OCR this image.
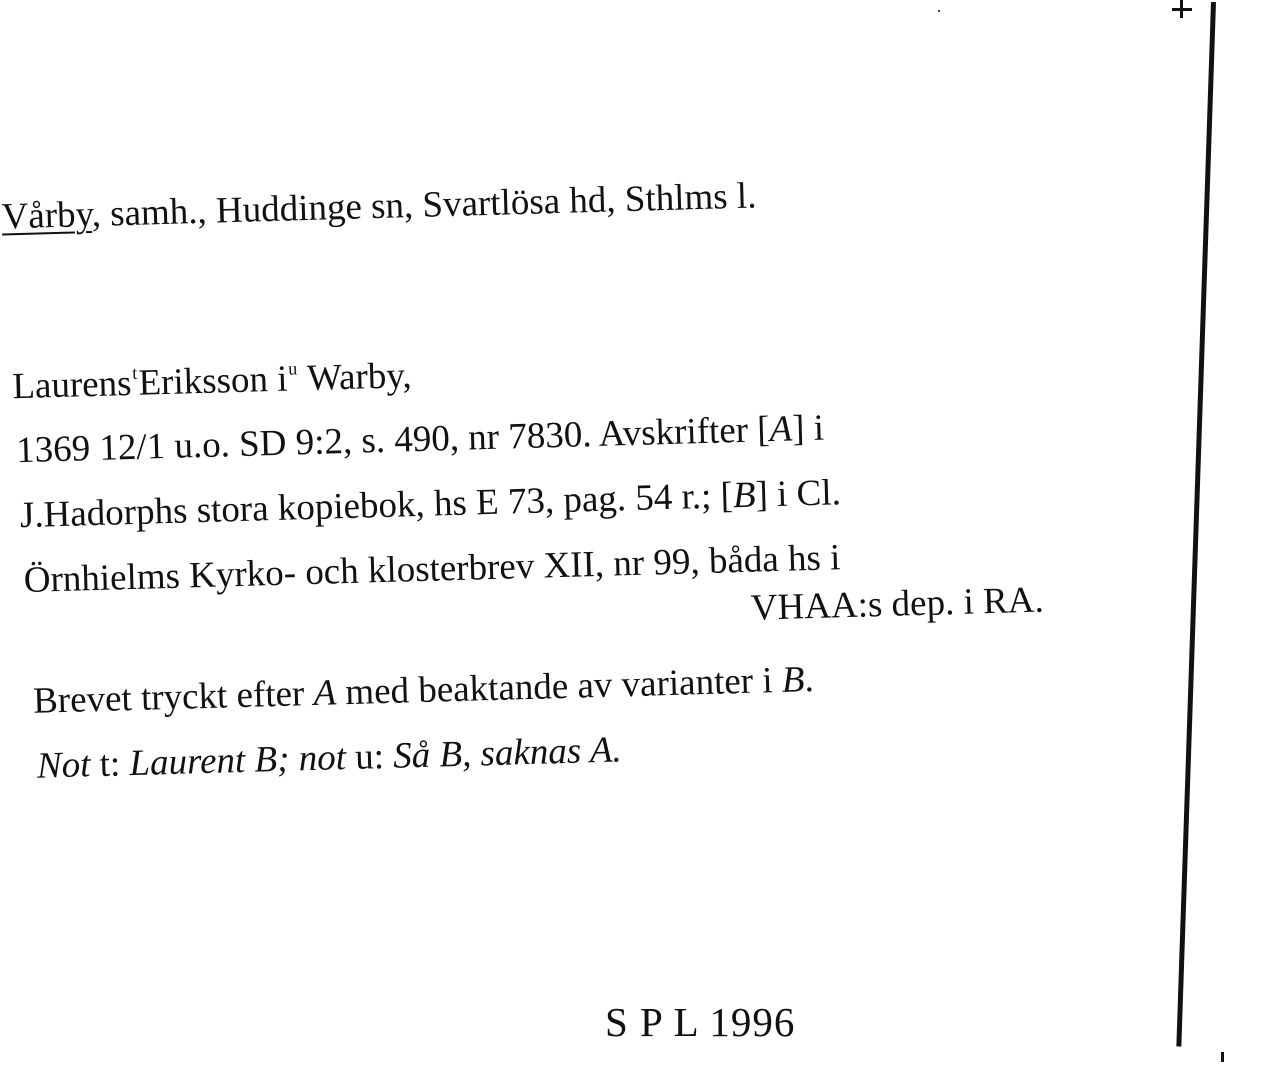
Vårby, samh., Huddinge sn, Svartlösa hd, Sthlms l.
Laurens$^t$Eriksson $i^u$ Warby,
1369 12/1 u.o. SD 9:2, s. 490, nr 7830. Avskrifter [A] i
J.Hadorphs stora kopiebok, hs E 73, pag. 54 r.; [B] i Cl.
Örnhielms Kyrko- och klosterbrev XII, nr 99, båda hs i
VHAA:s dep. i RA.
Brevet tryckt efter A med beaktande av varianter i B.
Not t: Laurent B; not u: Så B, saknas A.
S P L 1996
